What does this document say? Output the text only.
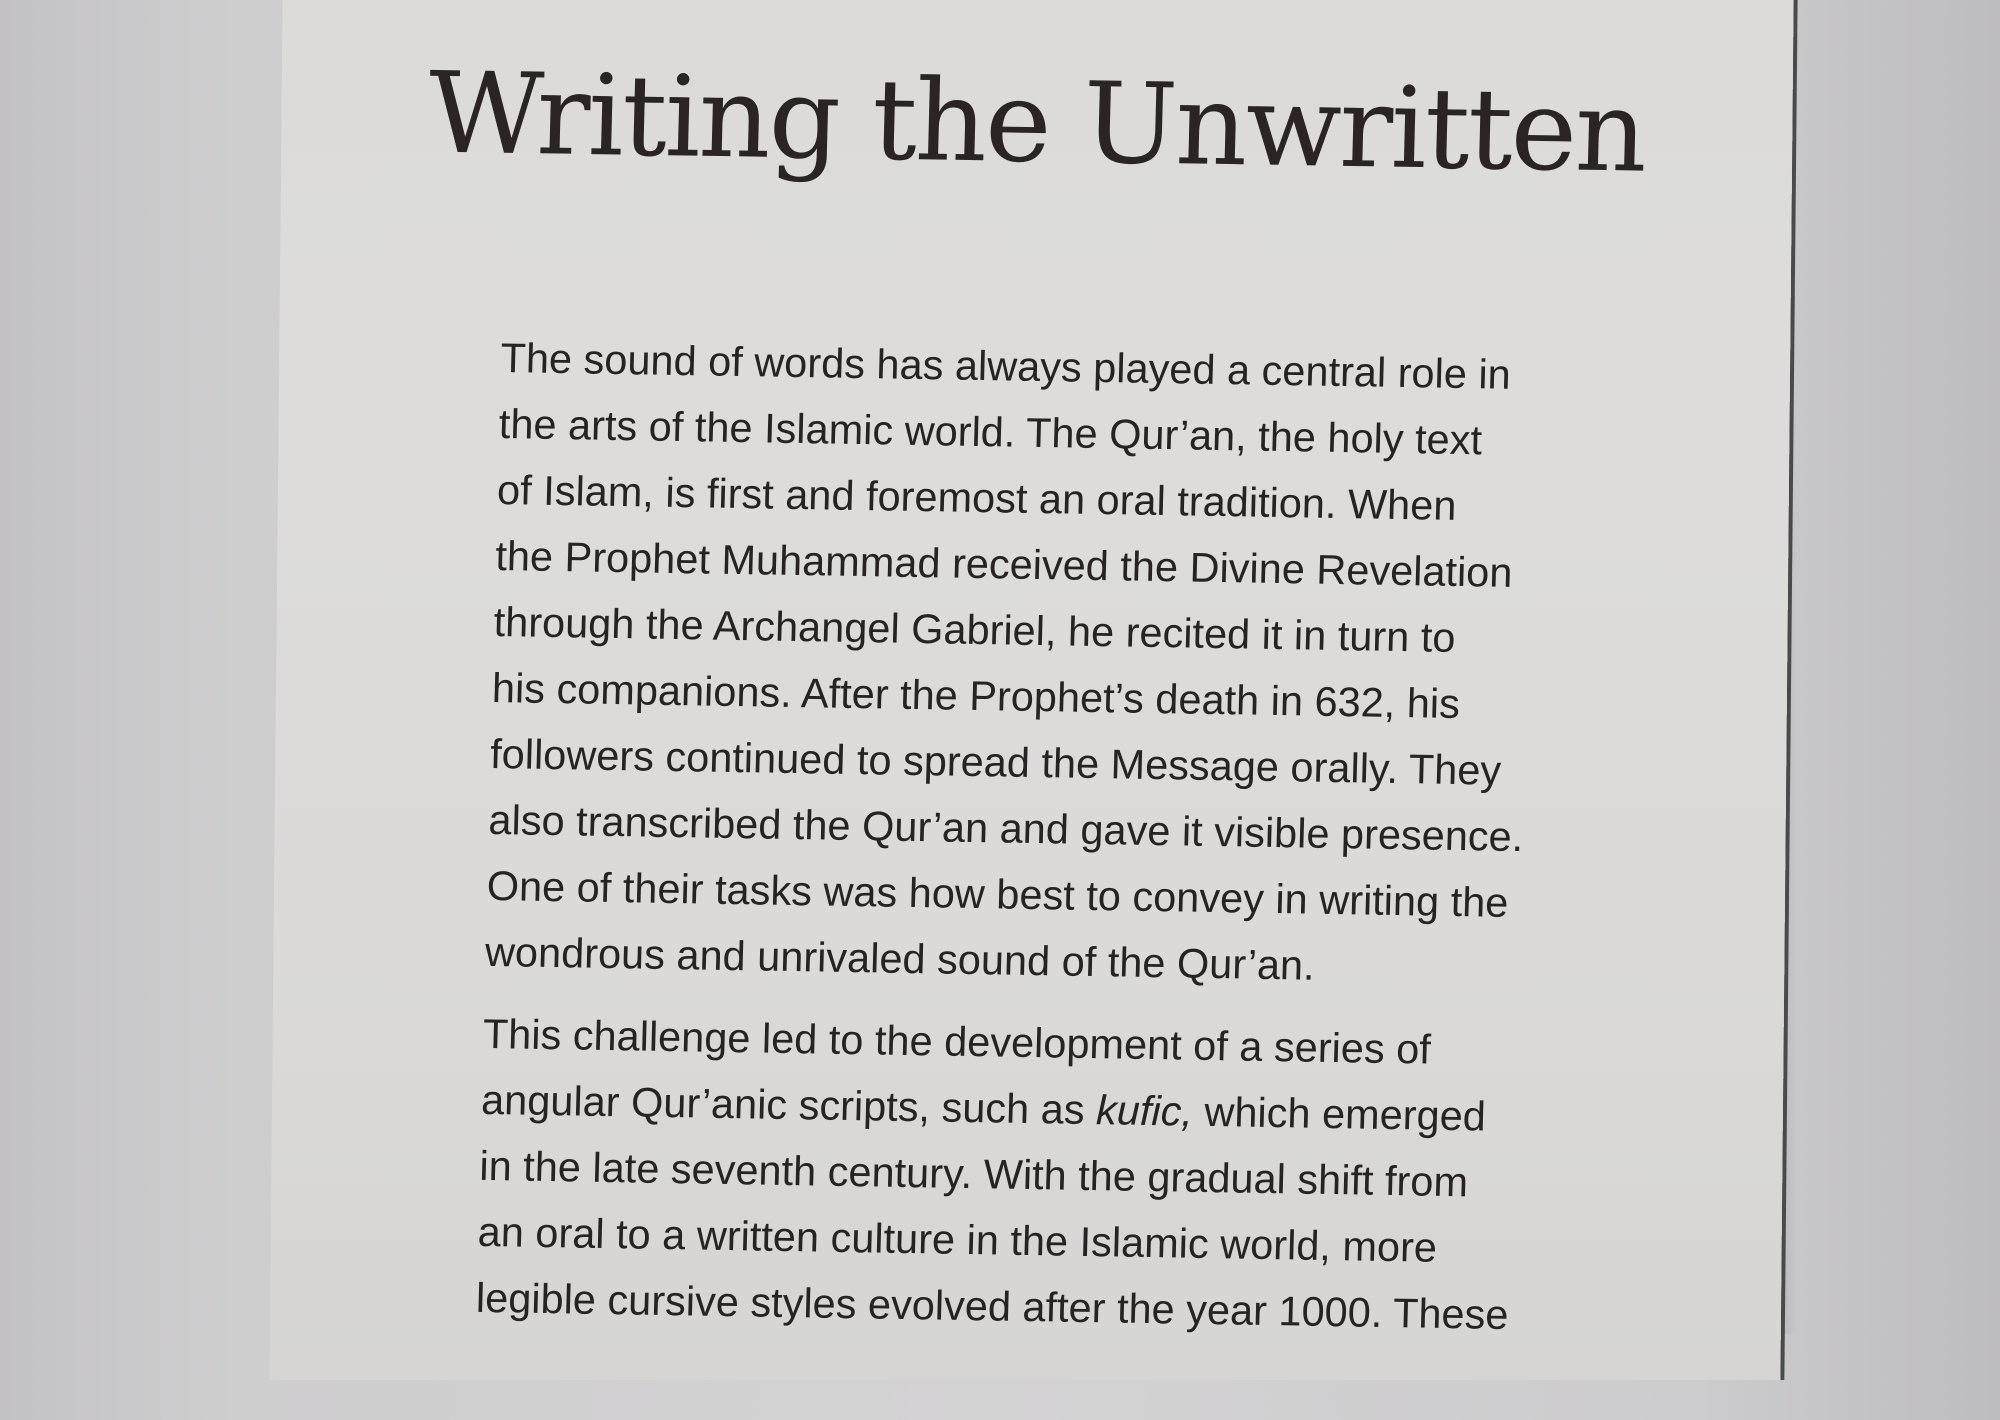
Writing the Unwritten

The sound of words has always played a central role in
the arts of the Islamic world. The Qur’an, the holy text
of Islam, is first and foremost an oral tradition. When
the Prophet Muhammad received the Divine Revelation
through the Archangel Gabriel, he recited it in turn to
his companions. After the Prophet’s death in 632, his
followers continued to spread the Message orally. They
also transcribed the Qur’an and gave it visible presence.
One of their tasks was how best to convey in writing the
wondrous and unrivaled sound of the Qur’an.

This challenge led to the development of a series of
angular Qur’anic scripts, such as kufic, which emerged
in the late seventh century. With the gradual shift from
an oral to a written culture in the Islamic world, more
legible cursive styles evolved after the year 1000. These
